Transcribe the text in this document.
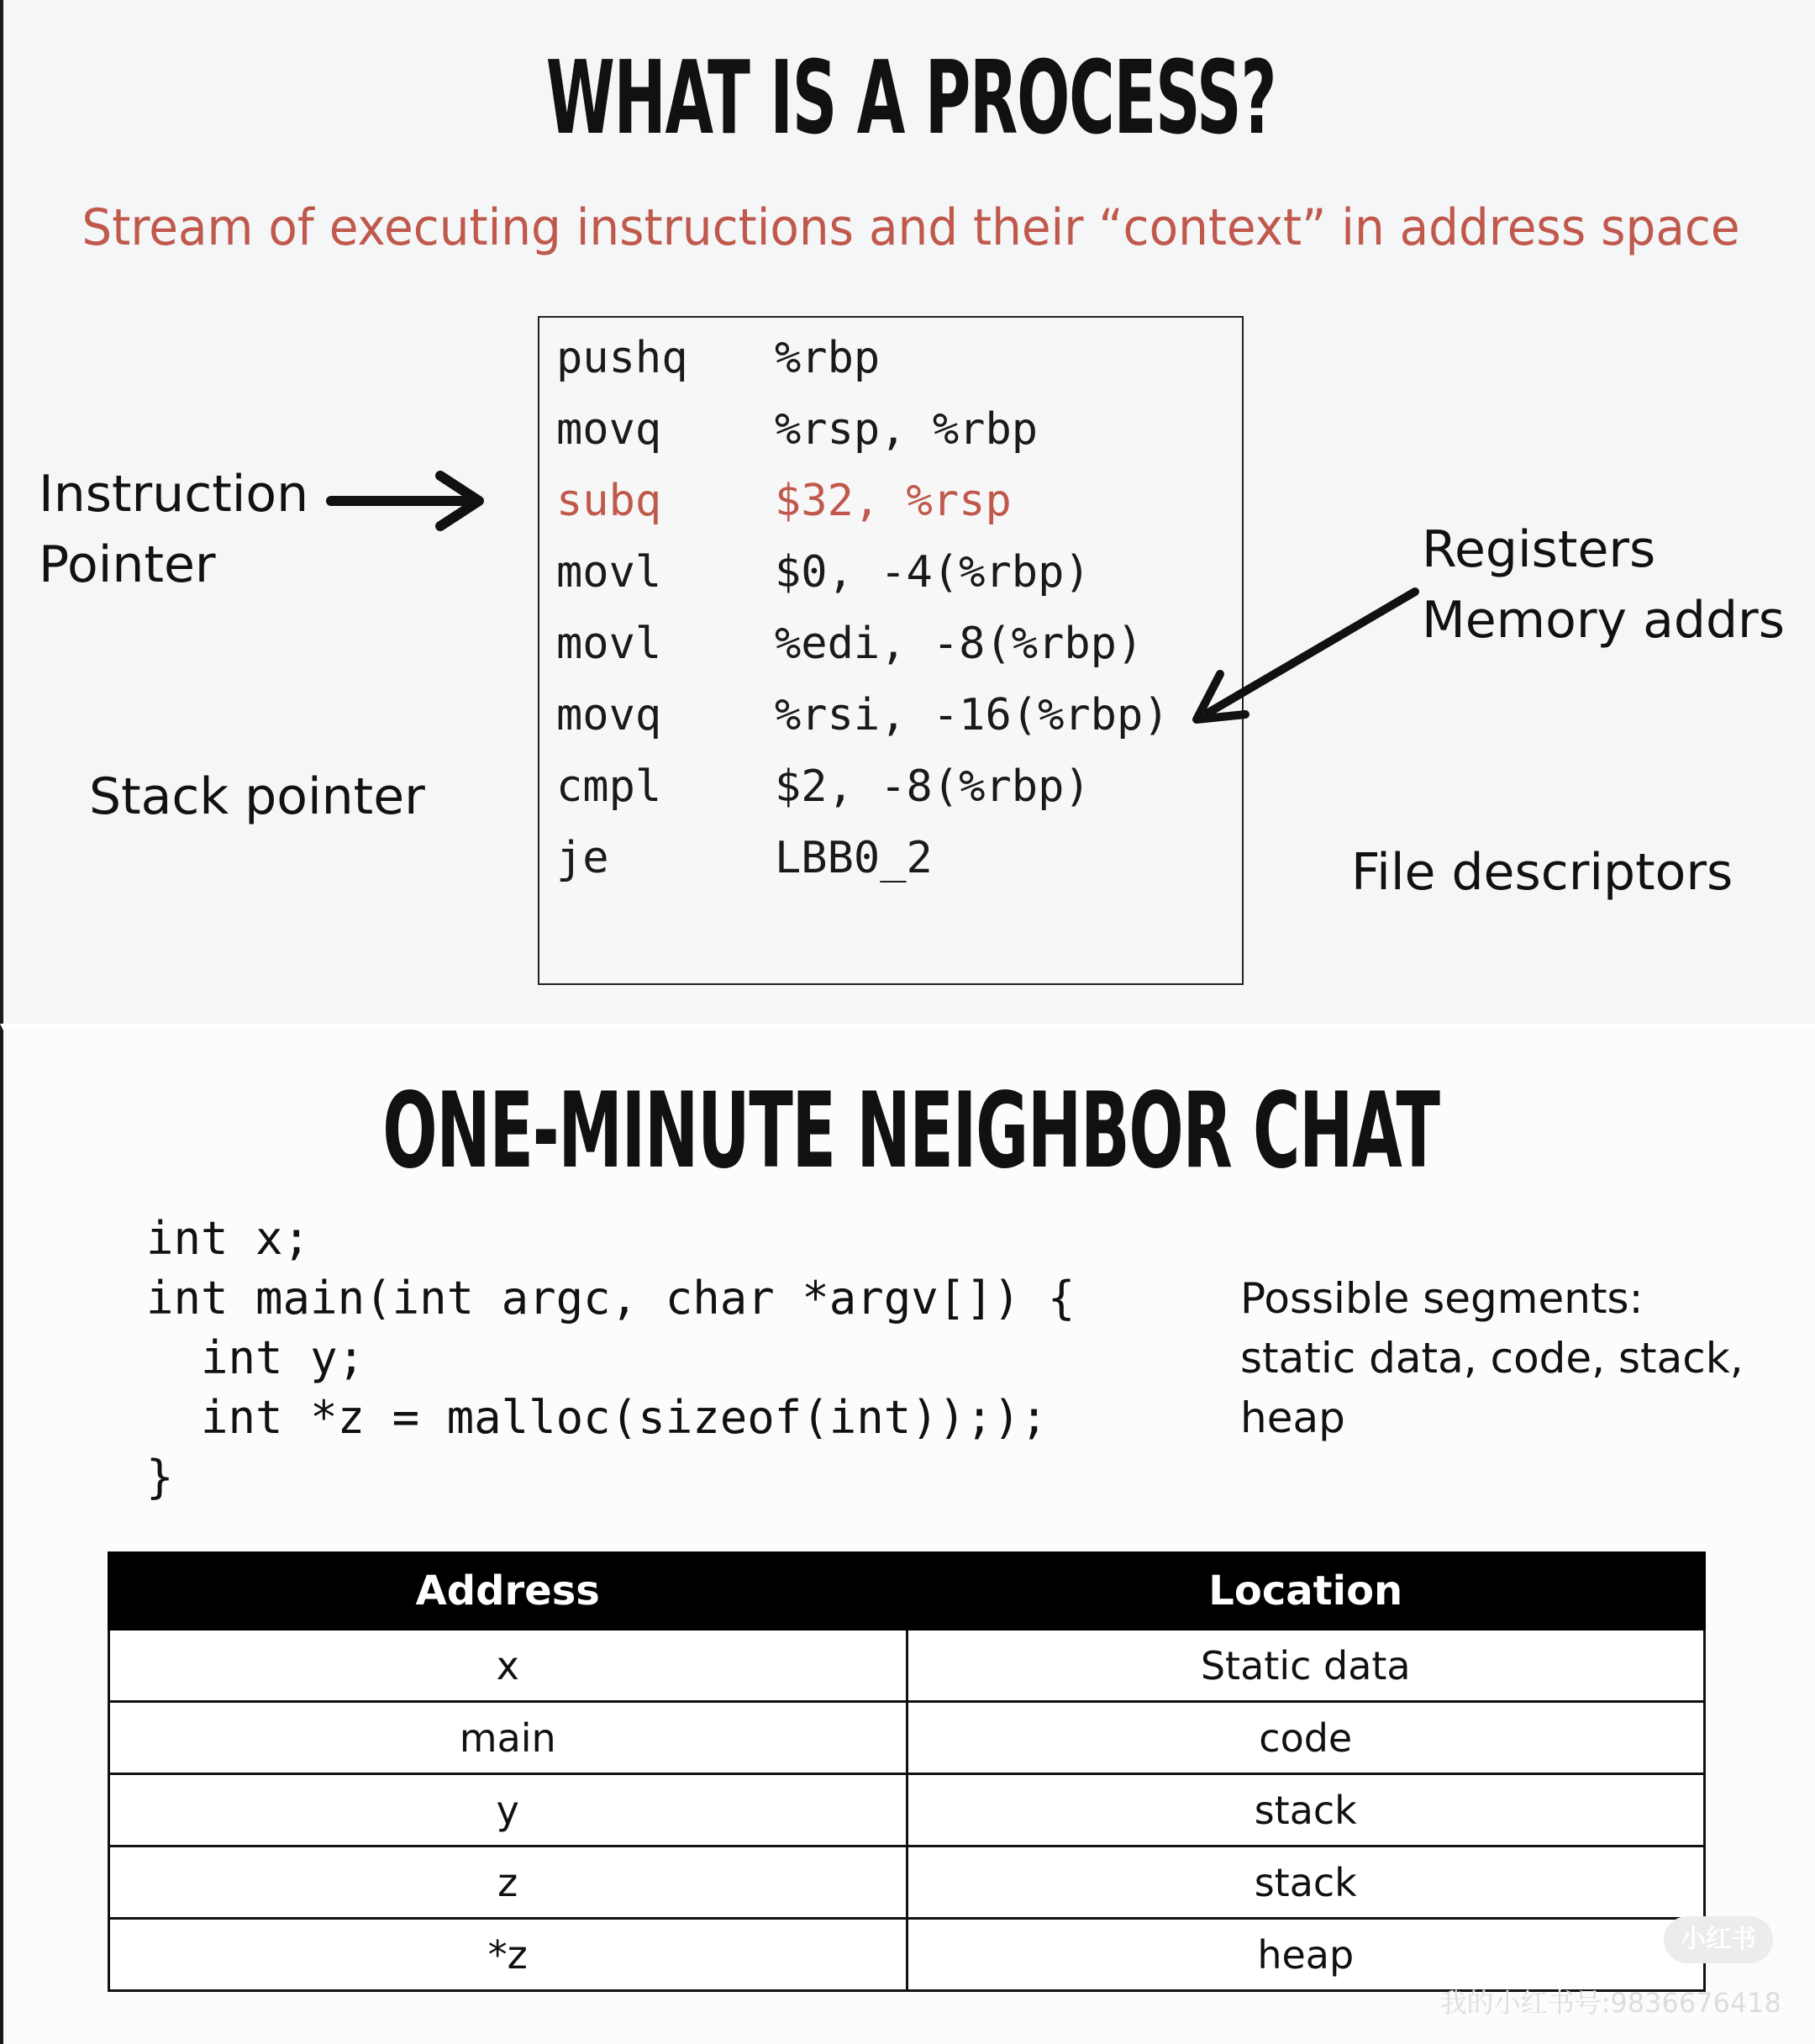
WHAT IS A PROCESS?
Stream of executing instructions and their “context” in address space
pushq %rbp
movq	%rsp, %rbp
subq	$32, %rsp
movl	$0, -4(%rbp)
movl	%edi, -8(%rbp)
movq	%rsi, -16(%rbp)
cmpl	$2, -8(%rbp)
je	LBB0_2
Instruction
Pointer	Registers
Memory addrs
Stack pointer
File descriptors
ONE-MINUTE NEIGHBOR CHAT
int x;
int main(int argc, char *argv[]) {
int y;
int *z = malloc(sizeof(int)););
}
Possible segments:
static data, code, stack,
heap
Address	Location
x	Static data
main	code
y	stack
z	stack
*z	heap	小红书
我的小红书号:9836676418
